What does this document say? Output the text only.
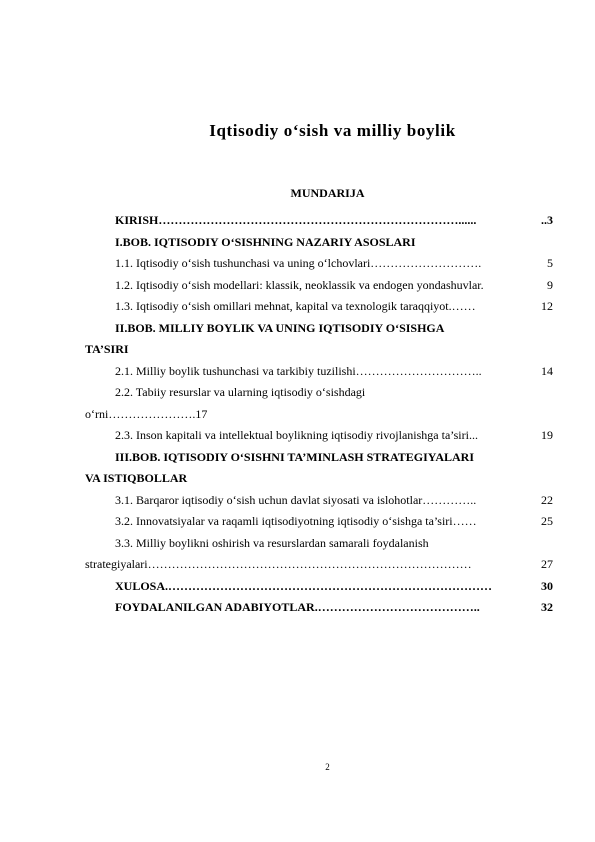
Iqtisodiy o‘sish va milliy boylik
MUNDARIJA
KIRISH…………………………………………………………………......	..3
I.BOB. IQTISODIY O‘SISHNING NAZARIY ASOSLARI
1.1. Iqtisodiy o‘sish tushunchasi va uning o‘lchovlari……………………….	5
1.2. Iqtisodiy o‘sish modellari: klassik, neoklassik va endogen yondashuvlar.	9
1.3. Iqtisodiy o‘sish omillari mehnat, kapital va texnologik taraqqiyot.……	12
II.BOB. MILLIY BOYLIK VA UNING IQTISODIY O‘SISHGA
TA’SIRI
2.1. Milliy boylik tushunchasi va tarkibiy tuzilishi…………………………..	14
2.2. Tabiiy resurslar va ularning iqtisodiy o‘sishdagi
o‘rni………………….17
2.3. Inson kapitali va intellektual boylikning iqtisodiy rivojlanishga ta’siri...	19
III.BOB. IQTISODIY O‘SISHNI TA’MINLASH STRATEGIYALARI
VA ISTIQBOLLAR
3.1. Barqaror iqtisodiy o‘sish uchun davlat siyosati va islohotlar…………..	22
3.2. Innovatsiyalar va raqamli iqtisodiyotning iqtisodiy o‘sishga ta’siri……	25
3.3. Milliy boylikni oshirish va resurslardan samarali foydalanish
strategiyalari………………………………………………………………………	27
XULOSA.………………………………………………………………………	30
FOYDALANILGAN ADABIYOTLAR.…………………………………..	32
2
